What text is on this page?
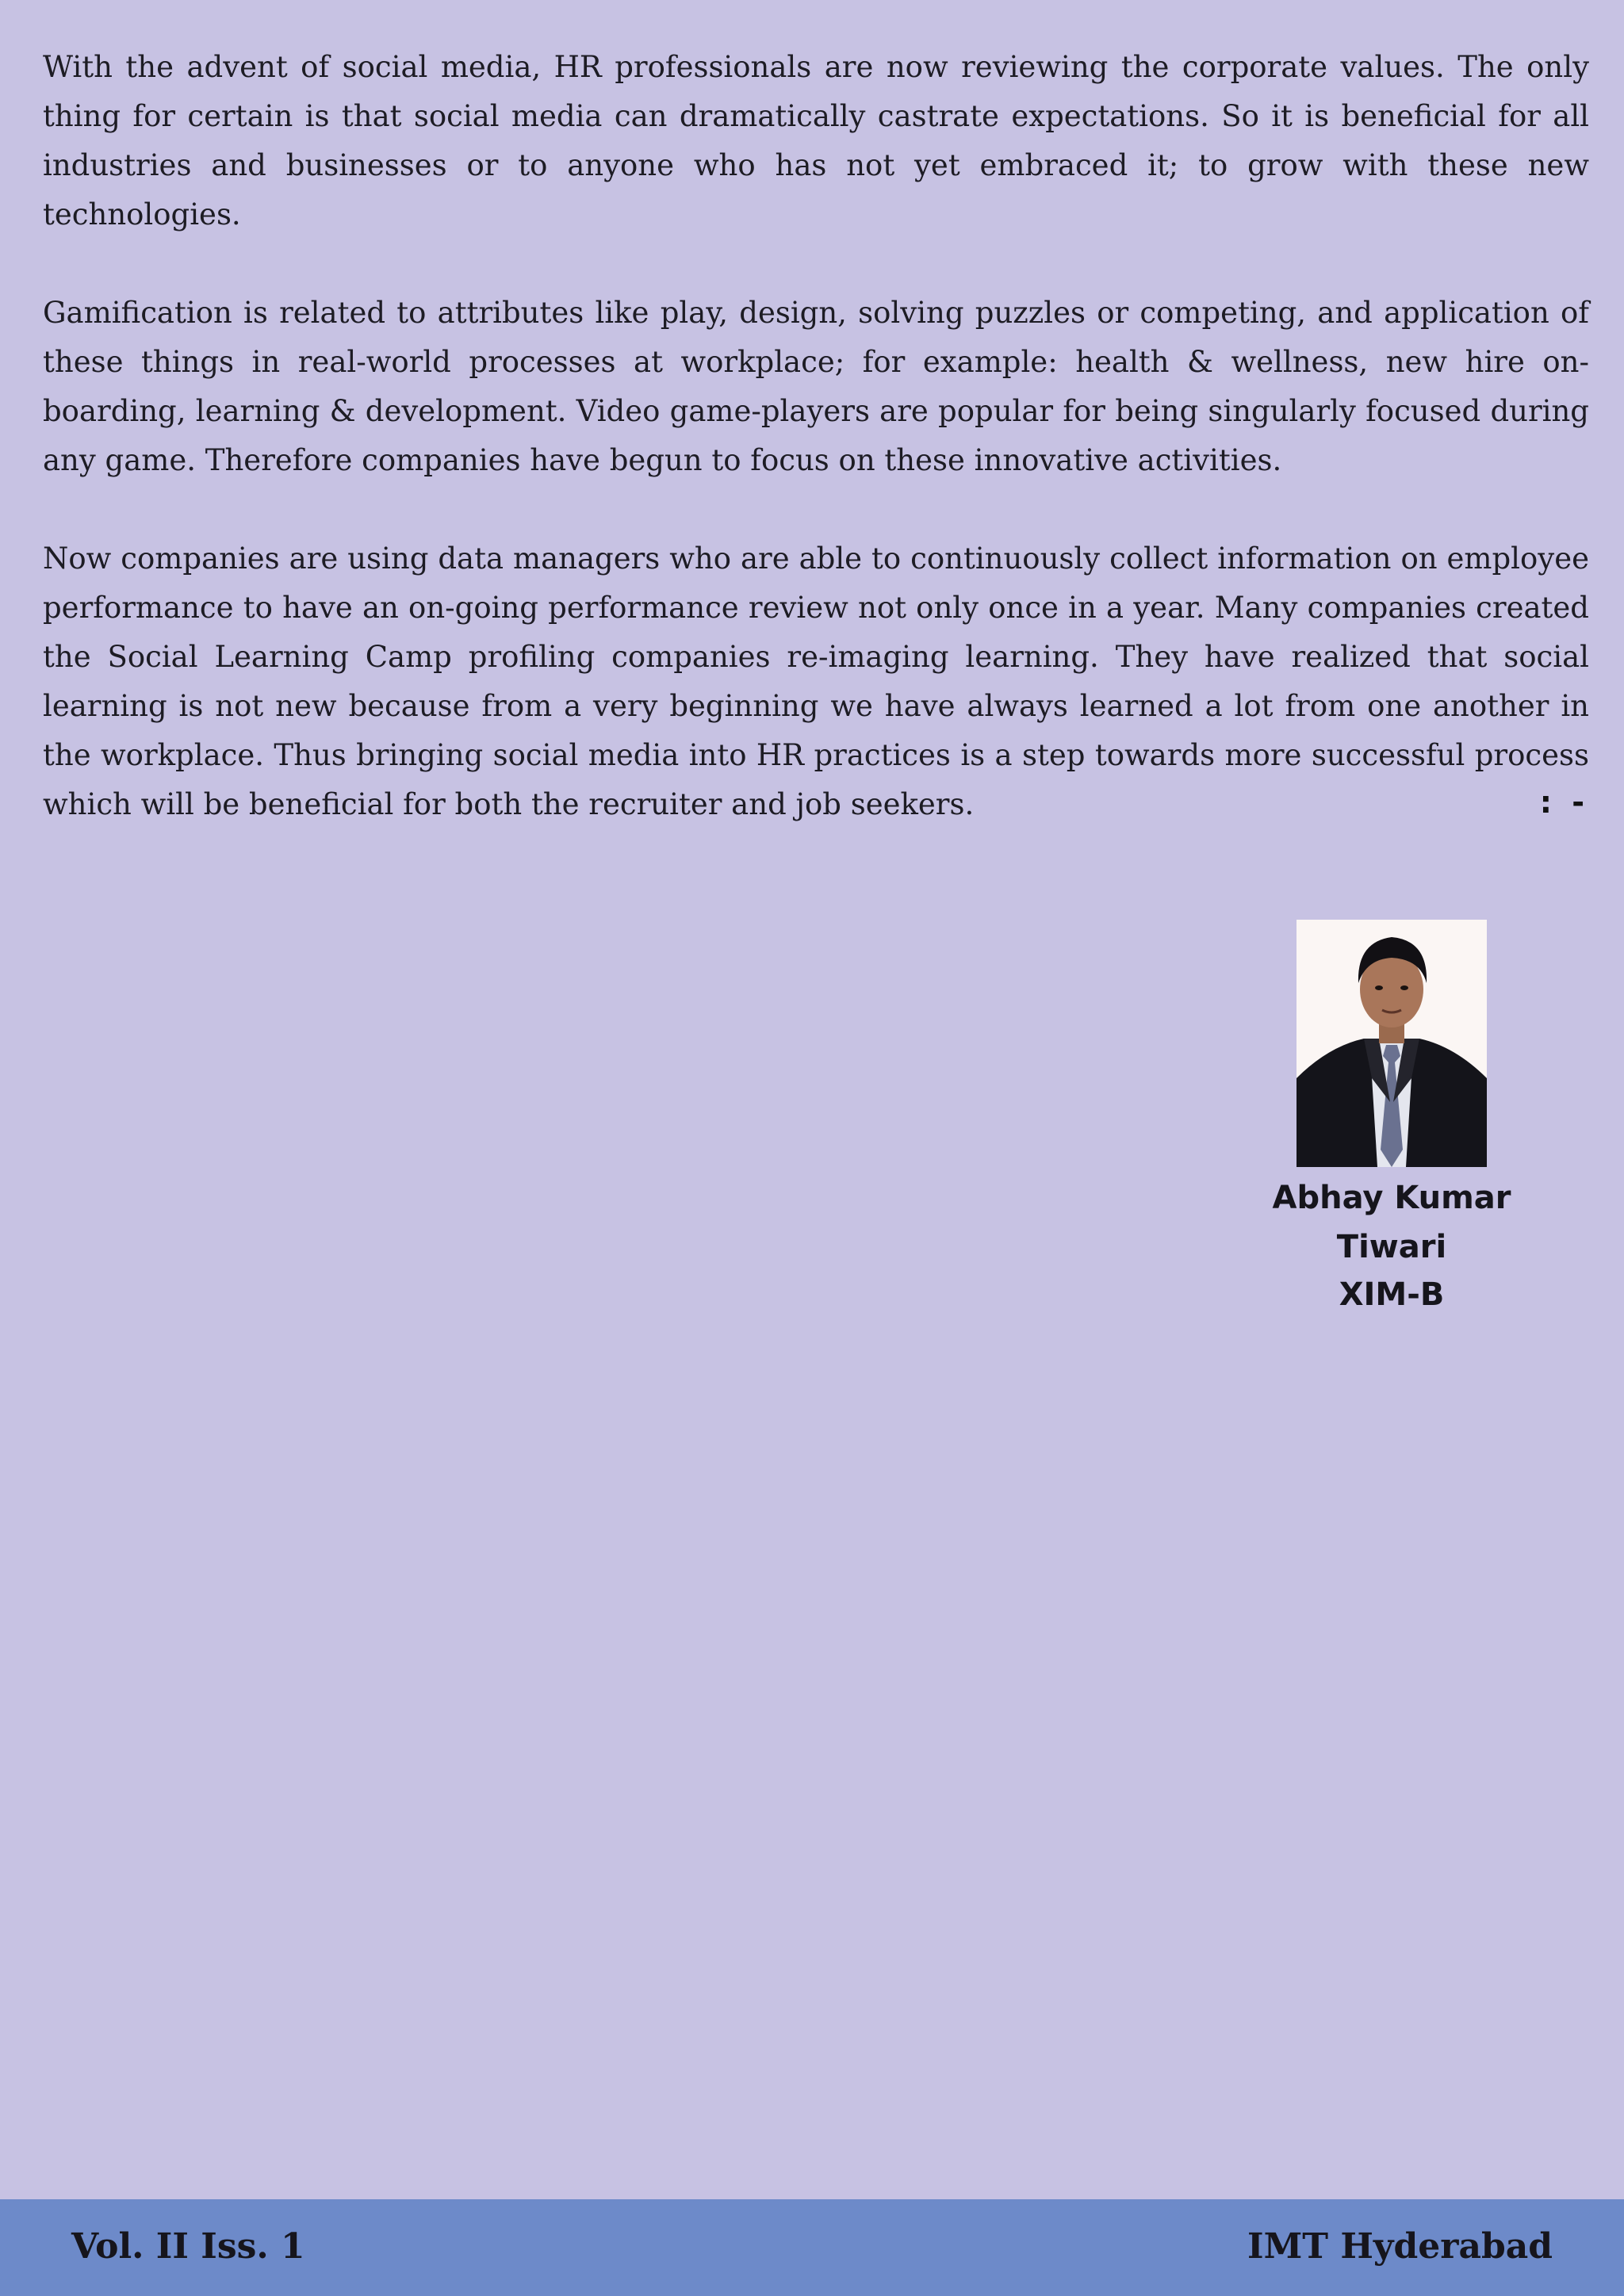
With the advent of social media, HR professionals are now reviewing the corporate values. The only thing for certain is that social media can dramatically castrate expectations. So it is beneficial for all industries and businesses or to anyone who has not yet embraced it; to grow with these new technologies.

Gamification is related to attributes like play, design, solving puzzles or competing, and application of these things in real-world processes at workplace; for example: health & wellness, new hire on-boarding, learning & development. Video game-players are popular for being singularly focused during any game. Therefore companies have begun to focus on these innovative activities.

Now companies are using data managers who are able to continuously collect information on employee performance to have an on-going performance review not only once in a year. Many companies created the Social Learning Camp profiling companies re-imaging learning. They have realized that social learning is not new because from a very beginning we have always learned a lot from one another in the workplace. Thus bringing social media into HR practices is a step towards more successful process which will be beneficial for both the recruiter and job seekers.	: -
Abhay Kumar Tiwari
XIM-B
Vol. II Iss. 1	IMT Hyderabad
